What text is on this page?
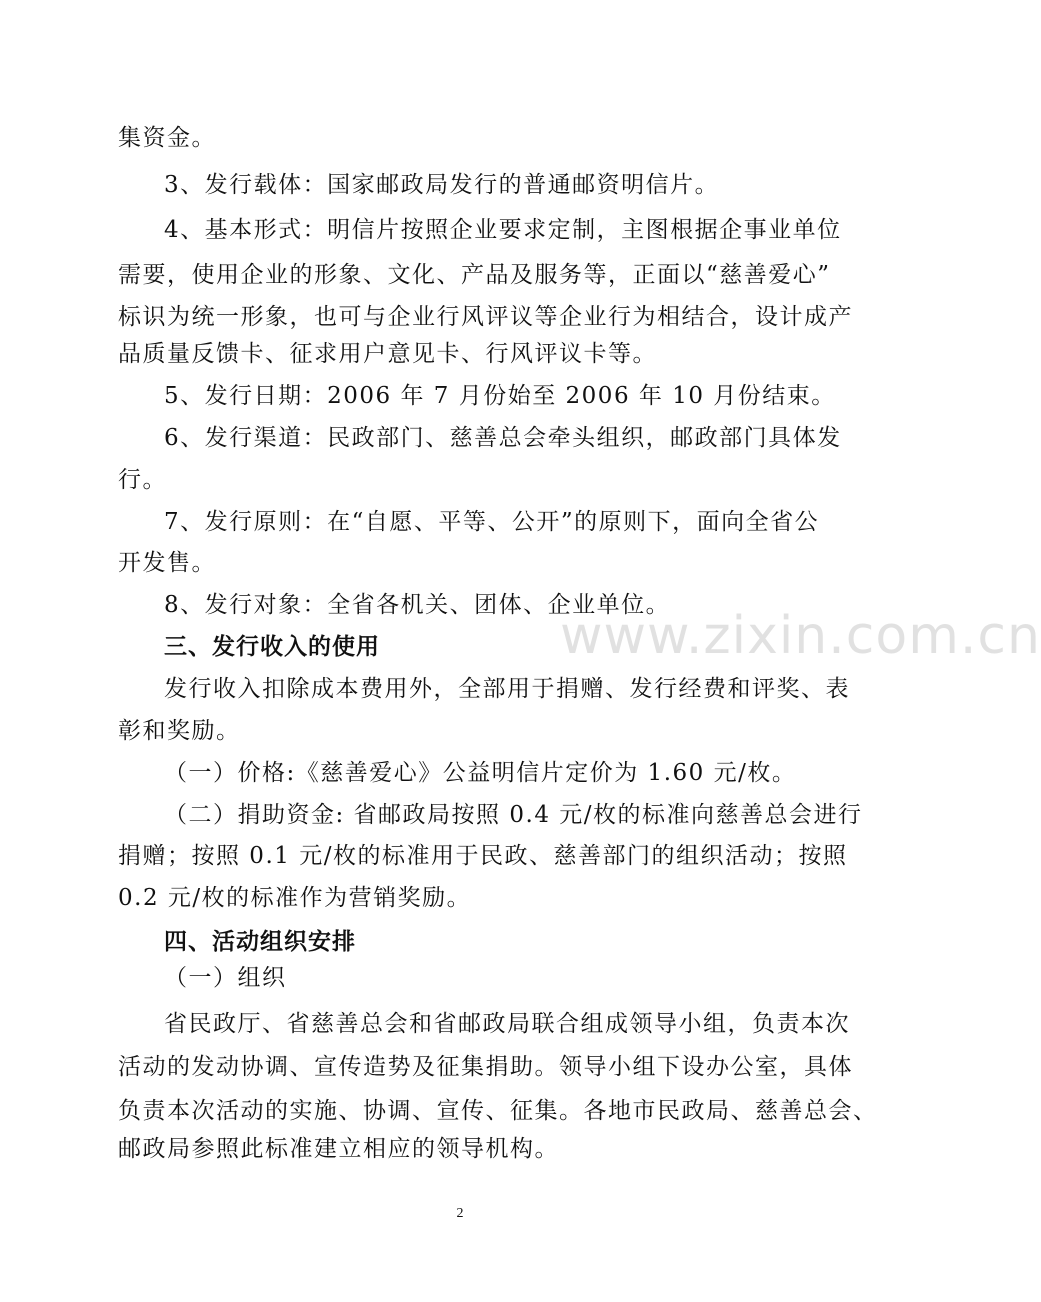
集资金。
3、发行载体：国家邮政局发行的普通邮资明信片。
4、基本形式：明信片按照企业要求定制，主图根据企事业单位
需要，使用企业的形象、文化、产品及服务等，正面以“慈善爱心”
标识为统一形象，也可与企业行风评议等企业行为相结合，设计成产
品质量反馈卡、征求用户意见卡、行风评议卡等。
5、发行日期：2006 年 7 月份始至 2006 年 10 月份结束。
6、发行渠道：民政部门、慈善总会牵头组织，邮政部门具体发
行。
7、发行原则：在“自愿、平等、公开”的原则下，面向全省公
开发售。
8、发行对象：全省各机关、团体、企业单位。
三、发行收入的使用
发行收入扣除成本费用外，全部用于捐赠、发行经费和评奖、表
彰和奖励。
（一）价格:《慈善爱心》公益明信片定价为 1.60 元/枚。
（二）捐助资金: 省邮政局按照 0.4 元/枚的标准向慈善总会进行
捐赠；按照 0.1 元/枚的标准用于民政、慈善部门的组织活动；按照
0.2 元/枚的标准作为营销奖励。
四、活动组织安排
（一）组织
省民政厅、省慈善总会和省邮政局联合组成领导小组，负责本次
活动的发动协调、宣传造势及征集捐助。领导小组下设办公室，具体
负责本次活动的实施、协调、宣传、征集。各地市民政局、慈善总会、
邮政局参照此标准建立相应的领导机构。
www.zixin.com.cn
2
